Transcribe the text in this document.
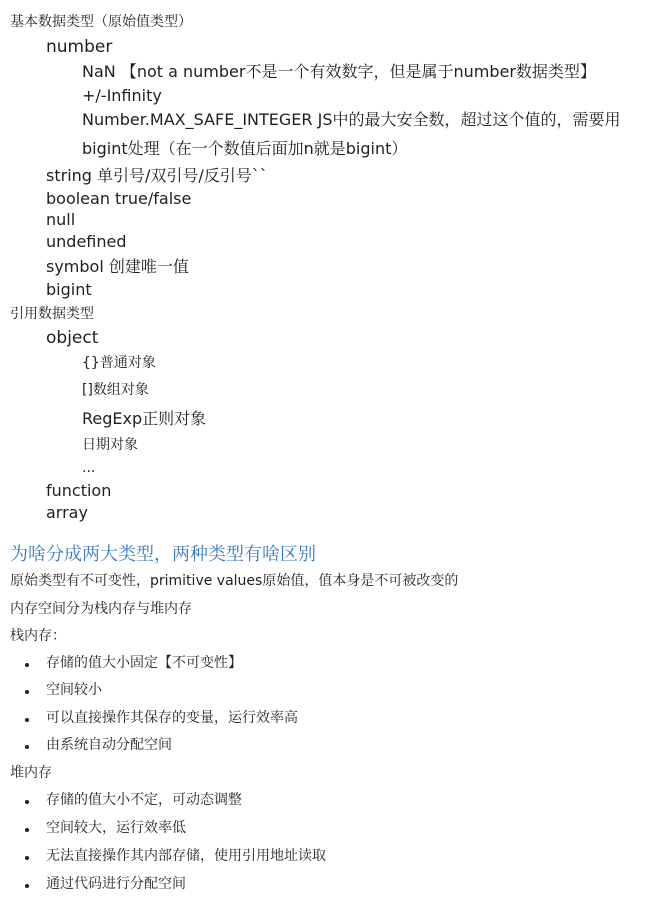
基本数据类型（原始值类型）
number
NaN 【not a number不是一个有效数字，但是属于number数据类型】
+/-Infinity
Number.MAX_SAFE_INTEGER JS中的最大安全数，超过这个值的，需要用
bigint处理（在一个数值后面加n就是bigint）
string 单引号/双引号/反引号``
boolean true/false
null
undefined
symbol 创建唯一值
bigint
引用数据类型
object
{}普通对象
[]数组对象
RegExp正则对象
日期对象
...
function
array
为啥分成两大类型，两种类型有啥区别
原始类型有不可变性，primitive values原始值，值本身是不可被改变的
内存空间分为栈内存与堆内存
栈内存：
存储的值大小固定【不可变性】
空间较小
可以直接操作其保存的变量，运行效率高
由系统自动分配空间
堆内存
存储的值大小不定，可动态调整
空间较大，运行效率低
无法直接操作其内部存储，使用引用地址读取
通过代码进行分配空间
